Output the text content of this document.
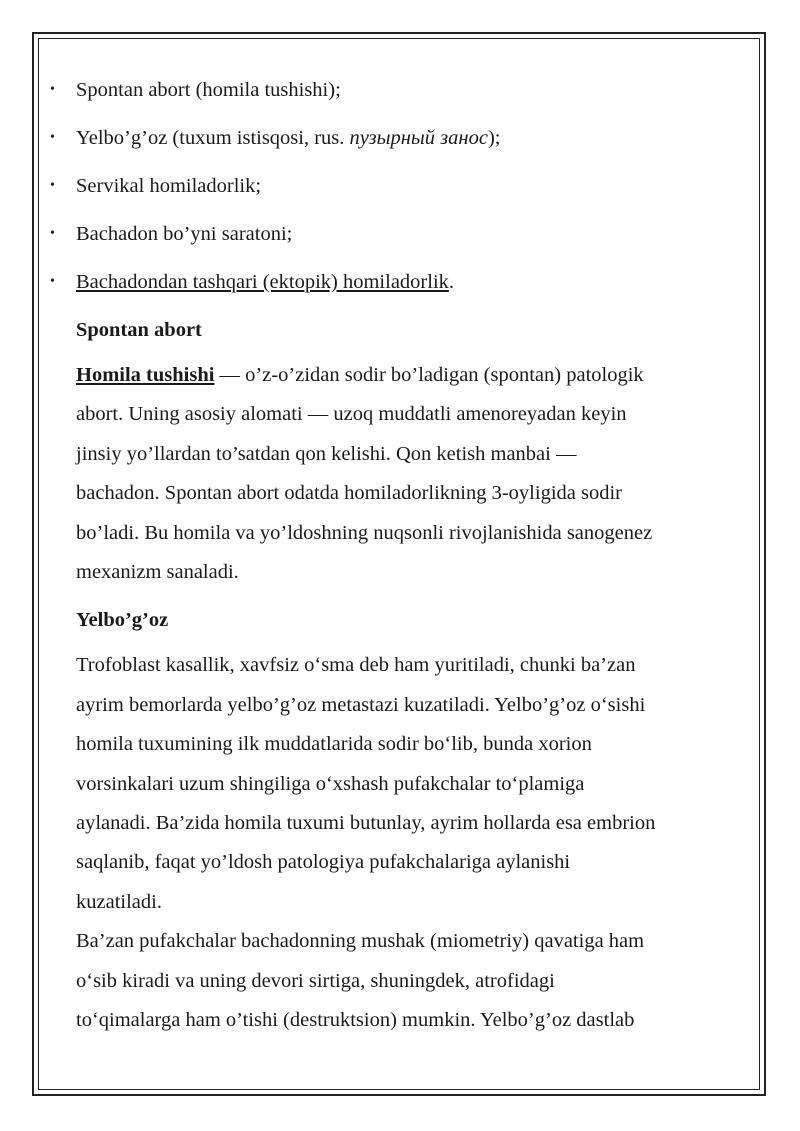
• Spontan abort (homila tushishi);
• Yelbo’g’oz (tuxum istisqosi, rus. пузырный занос);
• Servikal homiladorlik;
• Bachadon bo’yni saratoni;
• Bachadondan tashqari (ektopik) homiladorlik.

Spontan abort

Homila tushishi — o’z-o’zidan sodir bo’ladigan (spontan) patologik
abort. Uning asosiy alomati — uzoq muddatli amenoreyadan keyin
jinsiy yo’llardan to’satdan qon kelishi. Qon ketish manbai —
bachadon. Spontan abort odatda homiladorlikning 3-oyligida sodir
bo’ladi. Bu homila va yo’ldoshning nuqsonli rivojlanishida sanogenez
mexanizm sanaladi.

Yelbo’g’oz

Trofoblast kasallik, xavfsiz o‘sma deb ham yuritiladi, chunki ba’zan
ayrim bemorlarda yelbo’g’oz metastazi kuzatiladi. Yelbo’g’oz o‘sishi
homila tuxumining ilk muddatlarida sodir bo‘lib, bunda xorion
vorsinkalari uzum shingiliga o‘xshash pufakchalar to‘plamiga
aylanadi. Ba’zida homila tuxumi butunlay, ayrim hollarda esa embrion
saqlanib, faqat yo’ldosh patologiya pufakchalariga aylanishi
kuzatiladi.
Ba’zan pufakchalar bachadonning mushak (miometriy) qavatiga ham
o‘sib kiradi va uning devori sirtiga, shuningdek, atrofidagi
to‘qimalarga ham o’tishi (destruktsion) mumkin. Yelbo’g’oz dastlab
